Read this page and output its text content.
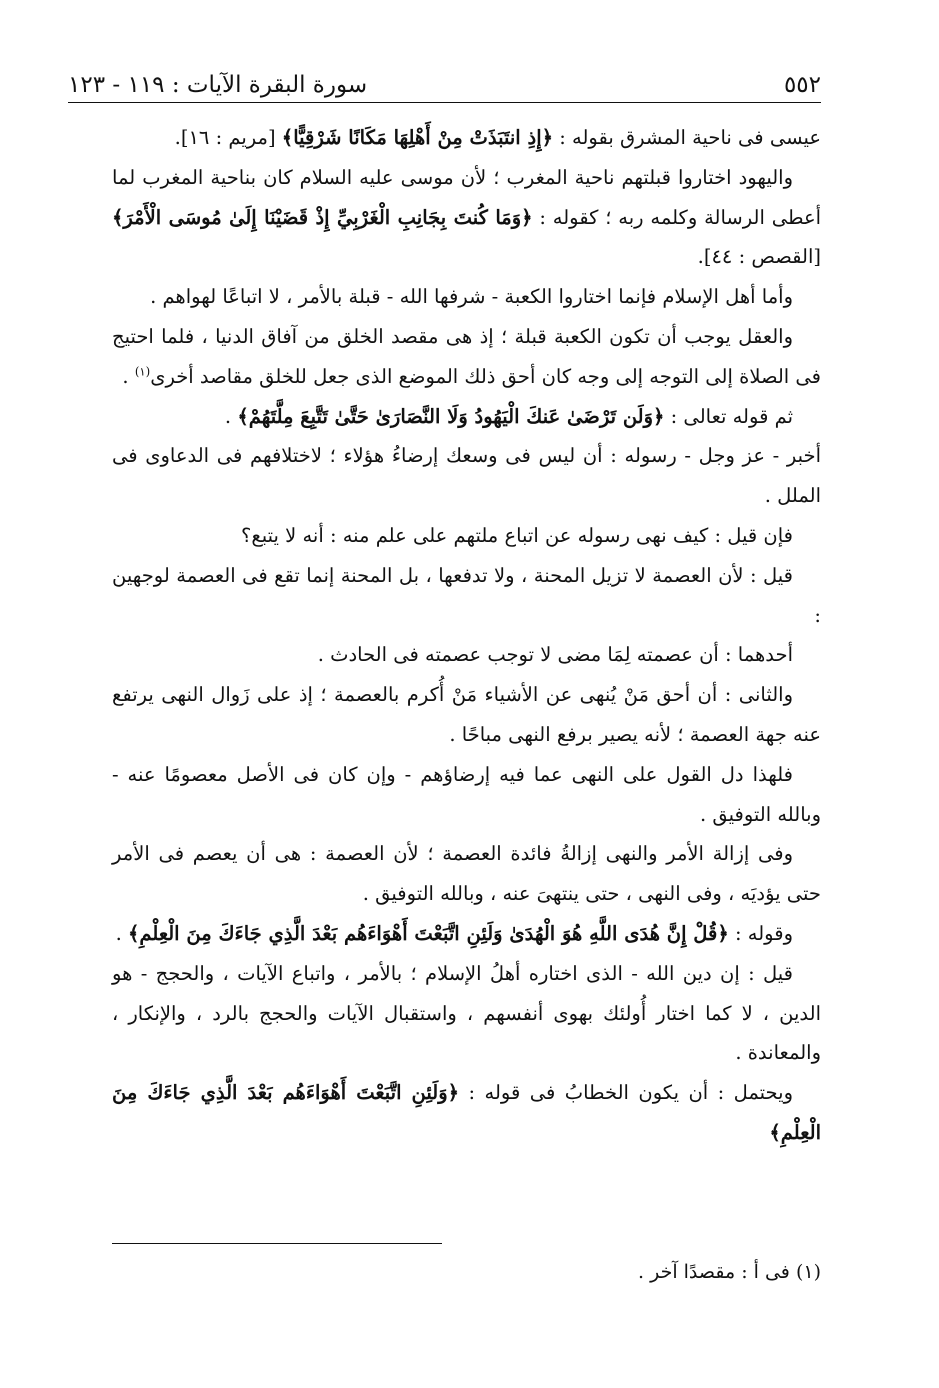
٥٥٢
سورة البقرة الآيات : ١١٩ - ١٢٣

عيسى فى ناحية المشرق بقوله : ﴿إِذِ انتَبَذَتْ مِنْ أَهْلِهَا مَكَانًا شَرْقِيًّا﴾ [مريم : ١٦].

واليهود اختاروا قبلتهم ناحية المغرب ؛ لأن موسى عليه السلام كان بناحية المغرب لما أعطى الرسالة وكلمه ربه ؛ كقوله : ﴿وَمَا كُنتَ بِجَانِبِ الْغَرْبِيِّ إِذْ قَضَيْنَا إِلَىٰ مُوسَى الْأَمْرَ﴾ [القصص : ٤٤].

وأما أهل الإسلام فإنما اختاروا الكعبة - شرفها الله - قبلة بالأمر ، لا اتباعًا لهواهم .

والعقل يوجب أن تكون الكعبة قبلة ؛ إذ هى مقصد الخلق من آفاق الدنيا ، فلما احتيج فى الصلاة إلى التوجه إلى وجه كان أحق ذلك الموضع الذى جعل للخلق مقاصد أخرى$^{(١)}$ .

ثم قوله تعالى : ﴿وَلَن تَرْضَىٰ عَنكَ الْيَهُودُ وَلَا النَّصَارَىٰ حَتَّىٰ تَتَّبِعَ مِلَّتَهُمْ﴾ .

أخبر - عز وجل - رسوله : أن ليس فى وسعك إرضاءُ هؤلاء ؛ لاختلافهم فى الدعاوى فى الملل .

فإن قيل : كيف نهى رسوله عن اتباع ملتهم على علم منه : أنه لا يتبع؟

قيل : لأن العصمة لا تزيل المحنة ، ولا تدفعها ، بل المحنة إنما تقع فى العصمة لوجهين :

أحدهما : أن عصمته لِمَا مضى لا توجب عصمته فى الحادث .

والثانى : أن أحق مَنْ يُنهى عن الأشياء مَنْ أُكرم بالعصمة ؛ إذ على زَوال النهى يرتفع عنه جهة العصمة ؛ لأنه يصير برفع النهى مباحًا .

فلهذا دل القول على النهى عما فيه إرضاؤهم - وإن كان فى الأصل معصومًا عنه - وبالله التوفيق .

وفى إزالة الأمر والنهى إزالةُ فائدة العصمة ؛ لأن العصمة : هى أن يعصم فى الأمر حتى يؤديَه ، وفى النهى ، حتى ينتهىَ عنه ، وبالله التوفيق .

وقوله : ﴿قُلْ إِنَّ هُدَى اللَّهِ هُوَ الْهُدَىٰ وَلَئِنِ اتَّبَعْتَ أَهْوَاءَهُم بَعْدَ الَّذِي جَاءَكَ مِنَ الْعِلْمِ﴾ .

قيل : إن دين الله - الذى اختاره أهلُ الإسلام ؛ بالأمر ، واتباع الآيات ، والحجج - هو الدين ، لا كما اختار أُولئك بهوى أنفسهم ، واستقبال الآيات والحجج بالرد ، والإنكار ، والمعاندة .

ويحتمل : أن يكون الخطابُ فى قوله : ﴿وَلَئِنِ اتَّبَعْتَ أَهْوَاءَهُم بَعْدَ الَّذِي جَاءَكَ مِنَ الْعِلْمِ﴾

(١) فى أ : مقصدًا آخر .
